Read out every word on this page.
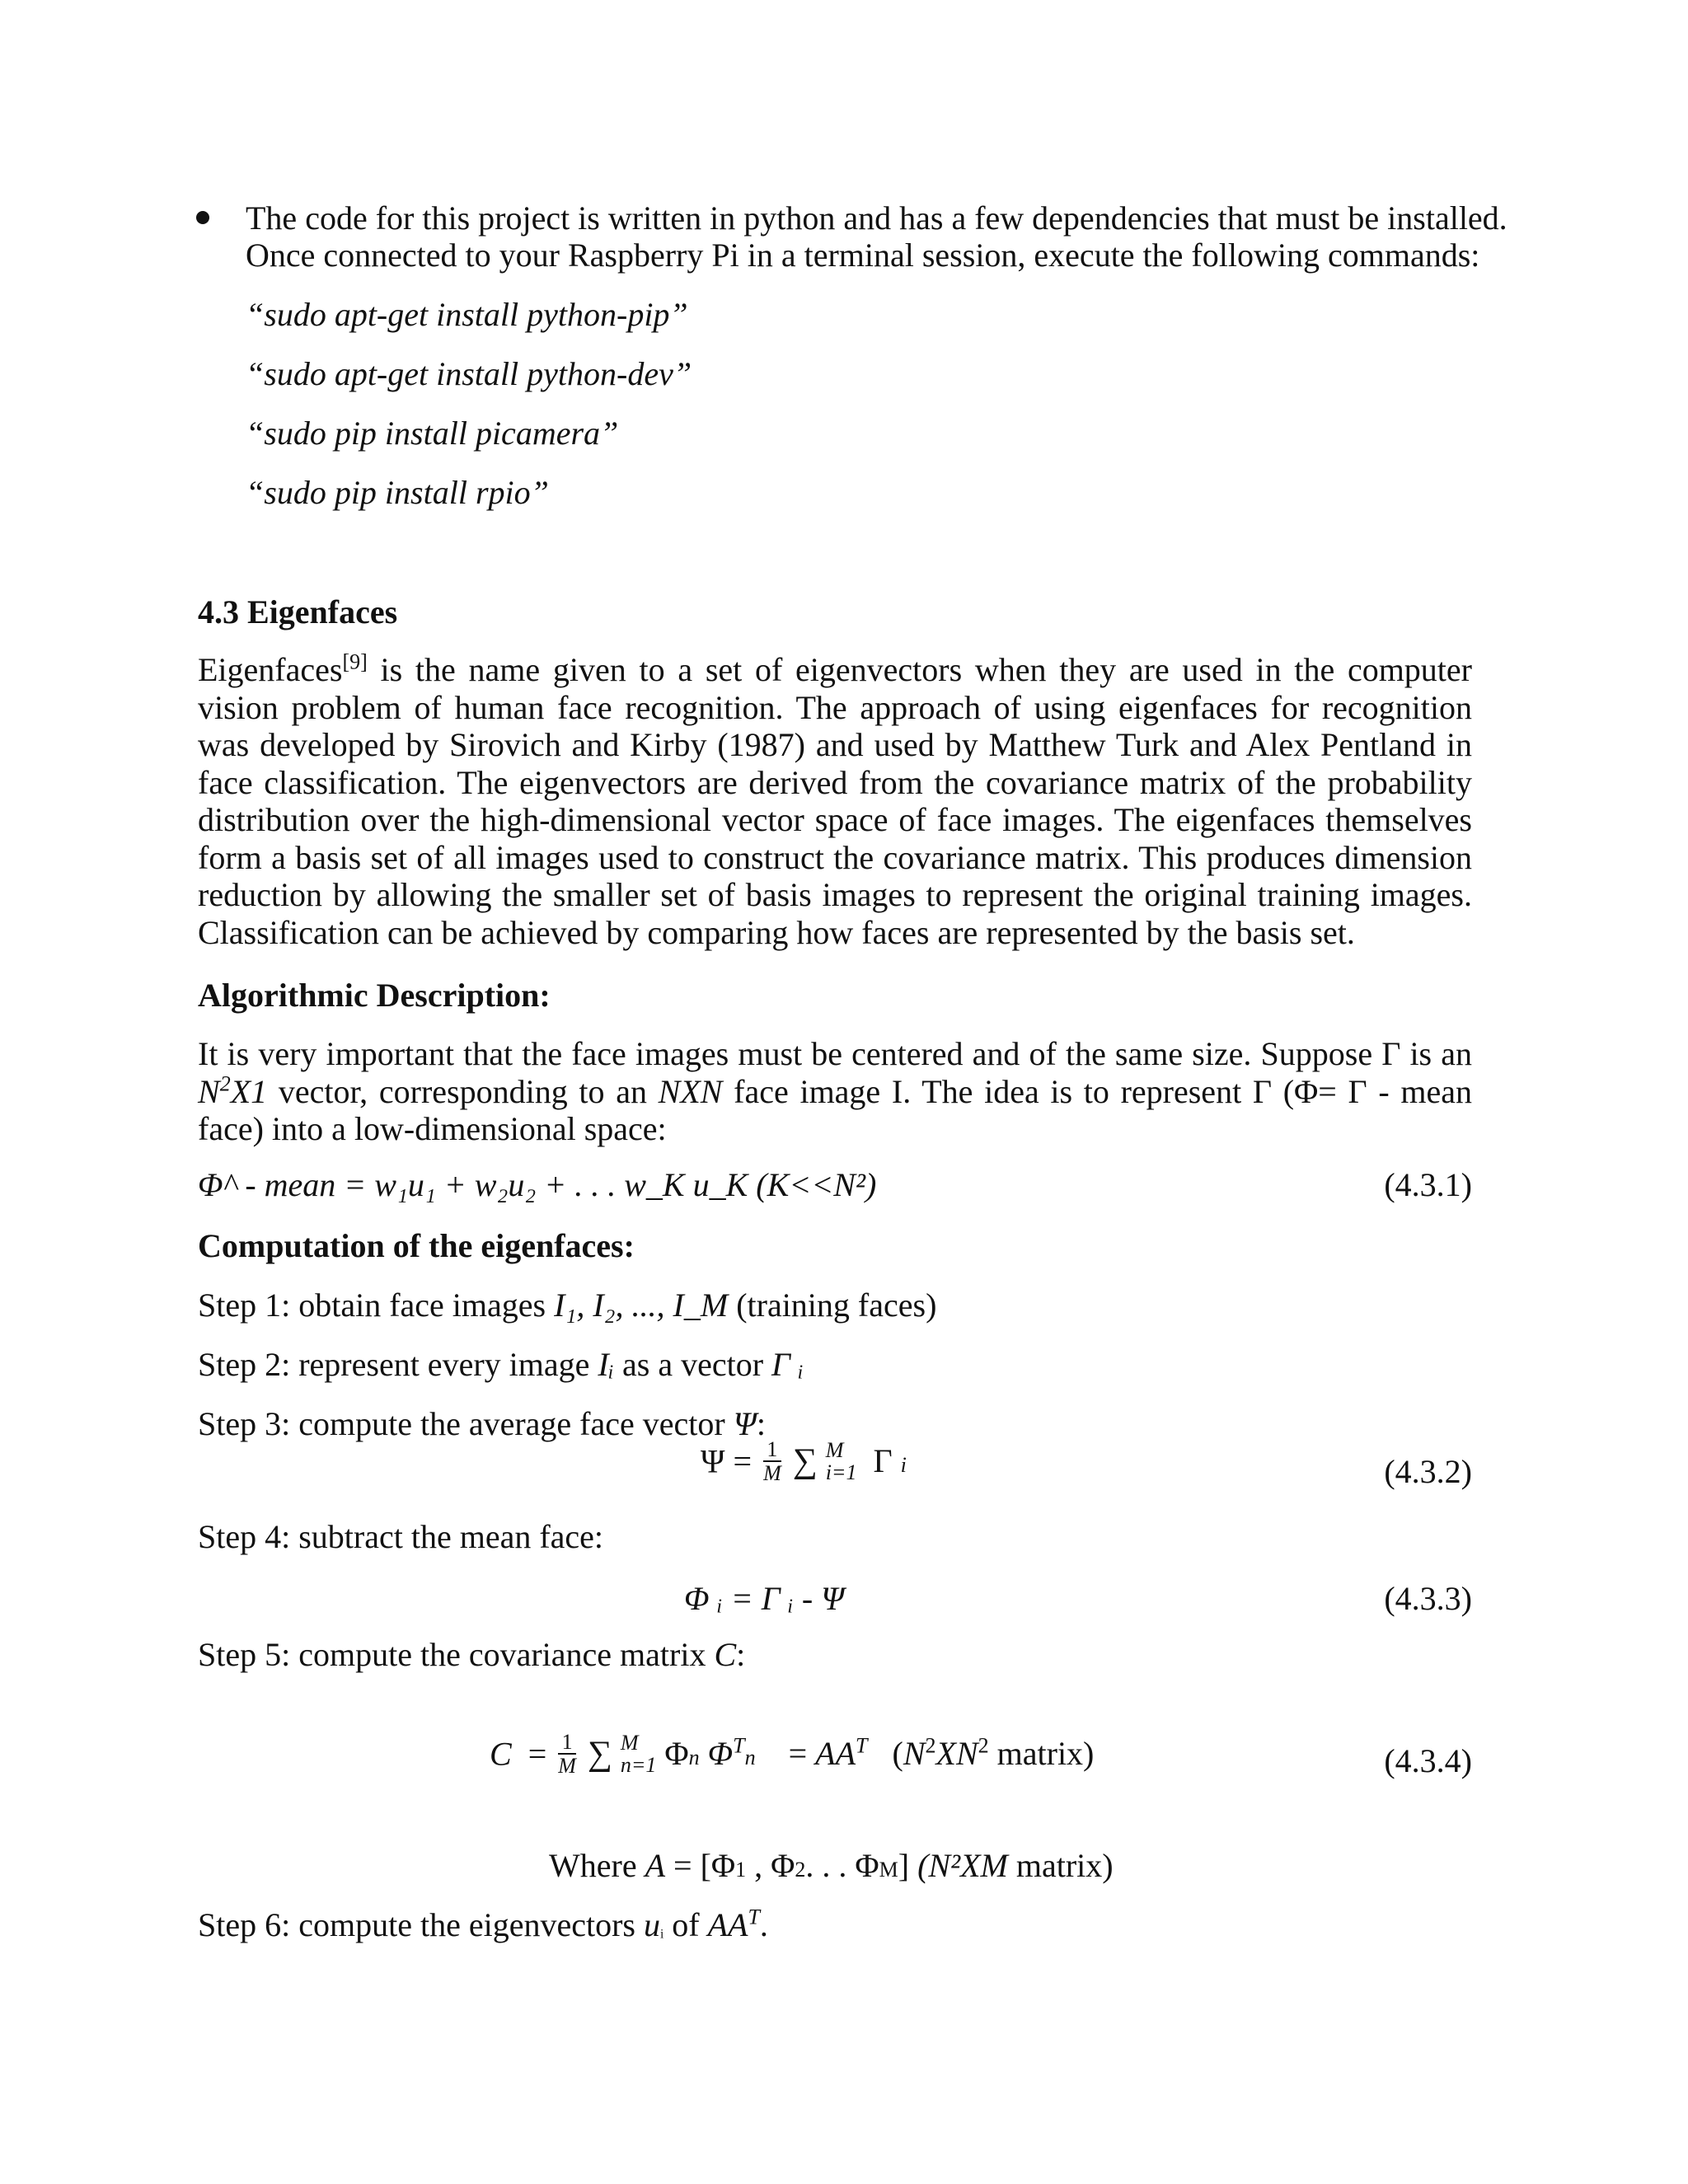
The code for this project is written in python and has a few dependencies that must be installed.
Once connected to your Raspberry Pi in a terminal session, execute the following commands:
“sudo apt-get install python-pip”
“sudo apt-get install python-dev”
“sudo pip install picamera”
“sudo pip install rpio”
4.3 Eigenfaces
Eigenfaces[9] is the name given to a set of eigenvectors when they are used in the computer vision problem of human face recognition. The approach of using eigenfaces for recognition was developed by Sirovich and Kirby (1987) and used by Matthew Turk and Alex Pentland in face classification. The eigenvectors are derived from the covariance matrix of the probability distribution over the high-dimensional vector space of face images. The eigenfaces themselves form a basis set of all images used to construct the covariance matrix. This produces dimension reduction by allowing the smaller set of basis images to represent the original training images. Classification can be achieved by comparing how faces are represented by the basis set.
Algorithmic Description:
It is very important that the face images must be centered and of the same size. Suppose Γ is an $N^2X1$ vector, corresponding to an NXN face image I. The idea is to represent Γ (Φ= Γ - mean face) into a low-dimensional space:
Φ^ - mean = w₁u₁ + w₂u₂ + . . . w_K u_K (K<<N²)	(4.3.1)
Computation of the eigenfaces:
Step 1: obtain face images I₁, I₂, ..., I_M (training faces)
Step 2: represent every image Iᵢ as a vector Γ ᵢ
Step 3: compute the average face vector Ψ:
$\Psi = \frac{1}{M}$ ∑ M
i=1 Γ i	(4.3.2)
Step 4: subtract the mean face:
Φ ᵢ = Γ ᵢ - Ψ	(4.3.3)
Step 5: compute the covariance matrix C:
$C = \frac{1}{M}$ ∑ M
n=1 Φn $\Phi^Tn$    = $AA^T$   ($N^2XN^2$ matrix)	(4.3.4)
Where A = [Φ1 , Φ2. . . ΦM] (N²XM matrix)
Step 6: compute the eigenvectors uᵢ of $AA^T$.
